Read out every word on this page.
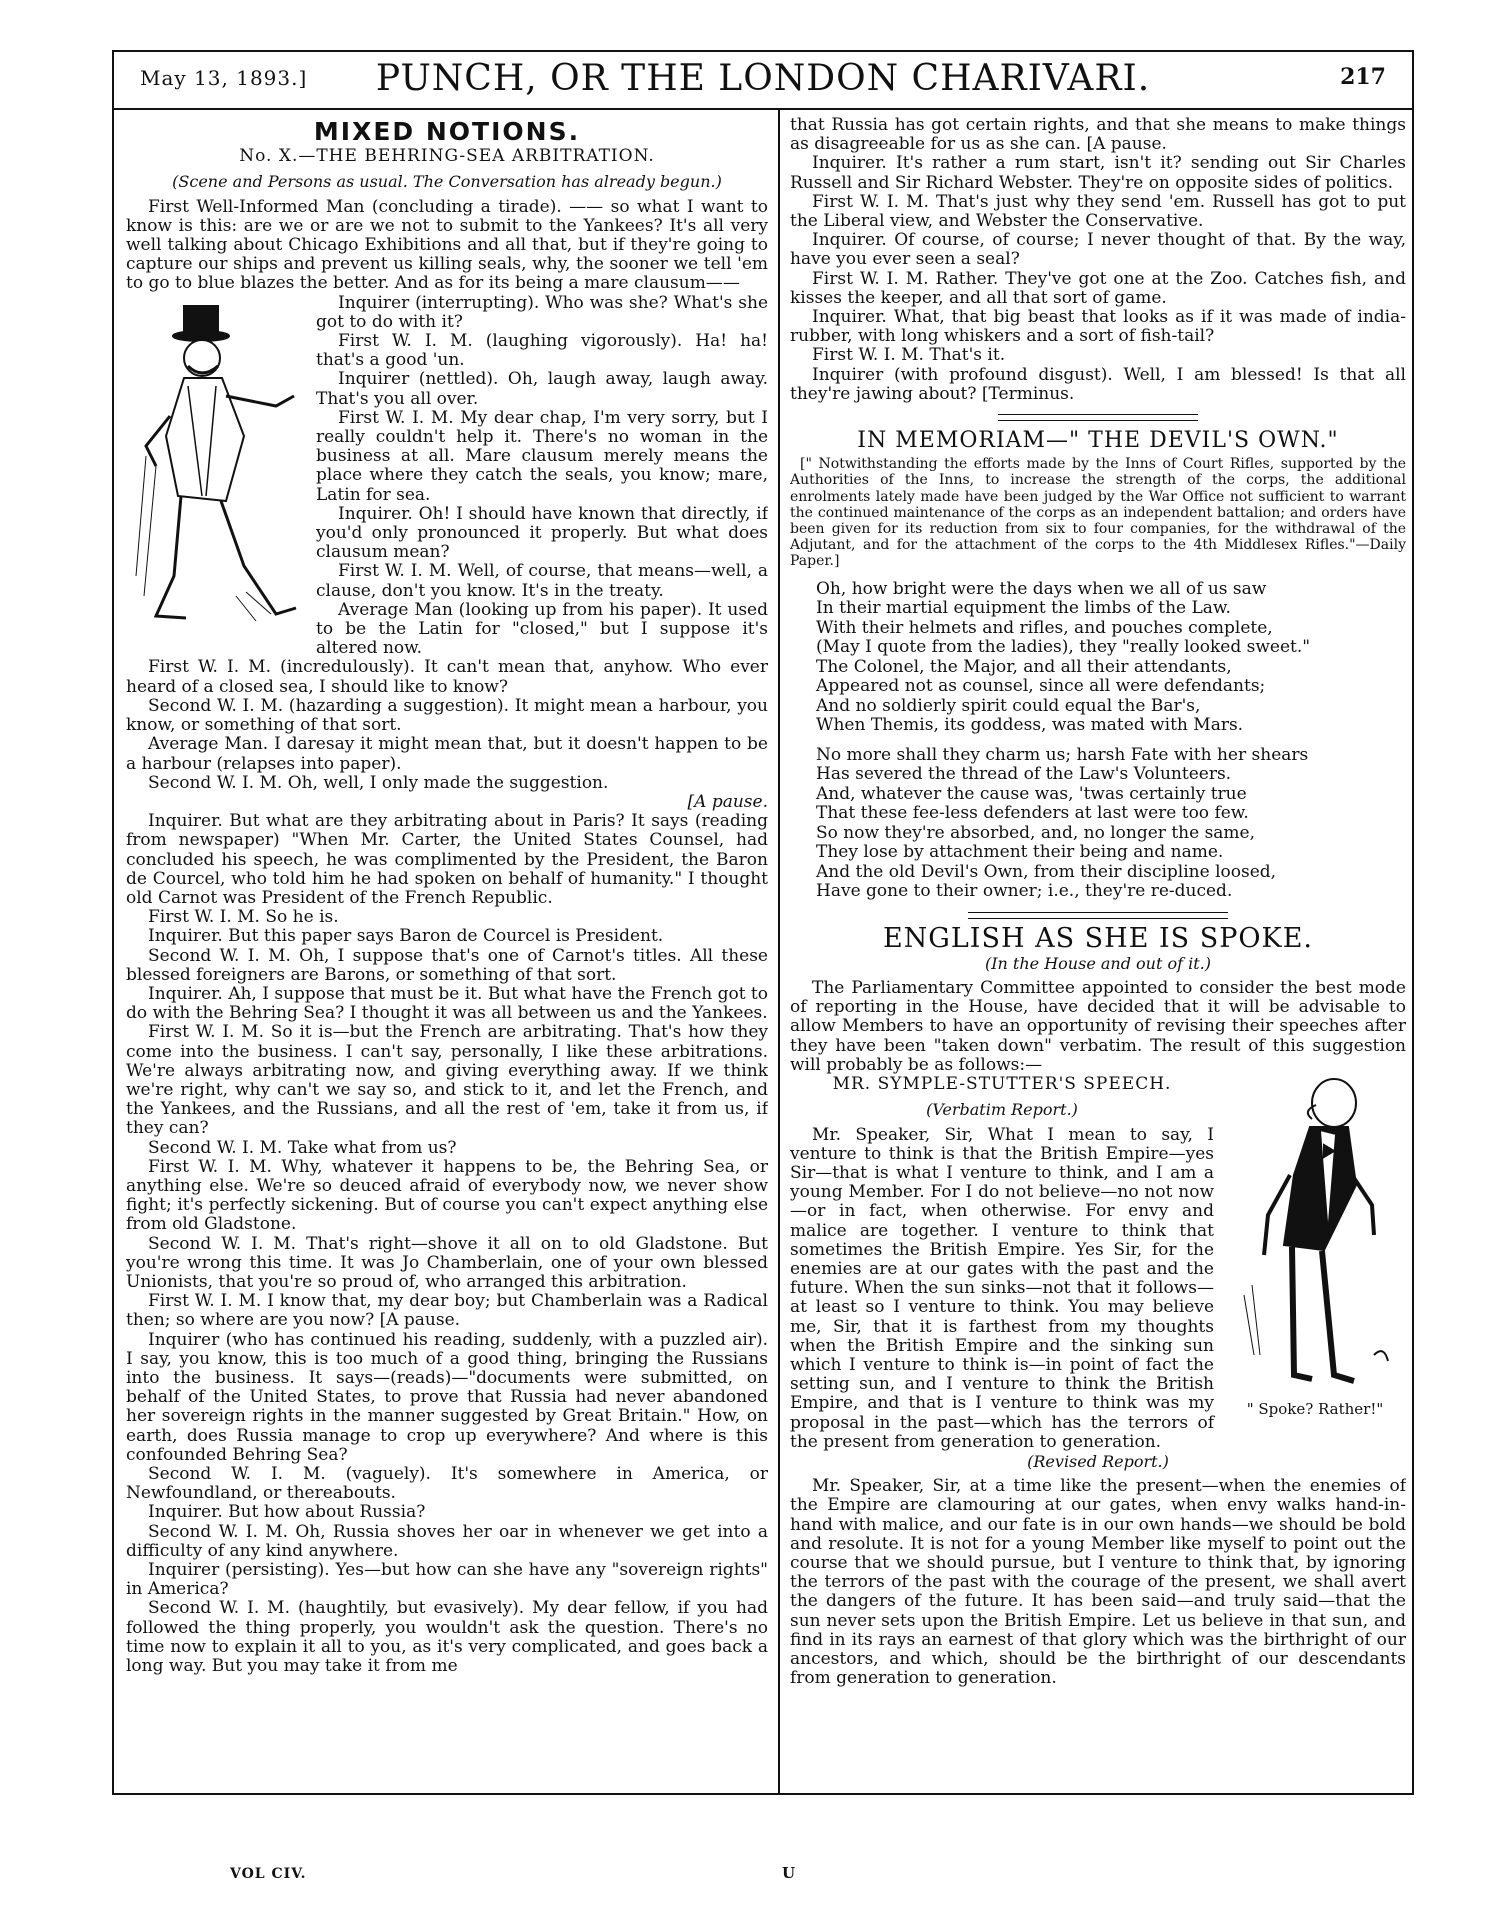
May 13, 1893.]	PUNCH, OR THE LONDON CHARIVARI.	217
MIXED NOTIONS.
No. X.—THE BEHRING-SEA ARBITRATION.
(Scene and Persons as usual. The Conversation has already begun.)

First Well-Informed Man (concluding a tirade). —— so what I want to know is this: are we or are we not to submit to the Yankees? It's all very well talking about Chicago Exhibitions and all that, but if they're going to capture our ships and prevent us killing seals, why, the sooner we tell 'em to go to blue blazes the better. And as for its being a mare clausum——

Inquirer (interrupting). Who was she? What's she got to do with it?

First W. I. M. (laughing vigorously). Ha! ha! that's a good 'un.

Inquirer (nettled). Oh, laugh away, laugh away. That's you all over.

First W. I. M. My dear chap, I'm very sorry, but I really couldn't help it. There's no woman in the business at all. Mare clausum merely means the place where they catch the seals, you know; mare, Latin for sea.

Inquirer. Oh! I should have known that directly, if you'd only pronounced it properly. But what does clausum mean?

First W. I. M. Well, of course, that means—well, a clause, don't you know. It's in the treaty.

Average Man (looking up from his paper). It used to be the Latin for "closed," but I suppose it's altered now.

First W. I. M. (incredulously). It can't mean that, anyhow. Who ever heard of a closed sea, I should like to know?

Second W. I. M. (hazarding a suggestion). It might mean a harbour, you know, or something of that sort.

Average Man. I daresay it might mean that, but it doesn't happen to be a harbour (relapses into paper).

Second W. I. M. Oh, well, I only made the suggestion.

[A pause.

Inquirer. But what are they arbitrating about in Paris? It says (reading from newspaper) "When Mr. Carter, the United States Counsel, had concluded his speech, he was complimented by the President, the Baron de Courcel, who told him he had spoken on behalf of humanity." I thought old Carnot was President of the French Republic.

First W. I. M. So he is.

Inquirer. But this paper says Baron de Courcel is President.

Second W. I. M. Oh, I suppose that's one of Carnot's titles. All these blessed foreigners are Barons, or something of that sort.

Inquirer. Ah, I suppose that must be it. But what have the French got to do with the Behring Sea? I thought it was all between us and the Yankees.

First W. I. M. So it is—but the French are arbitrating. That's how they come into the business. I can't say, personally, I like these arbitrations. We're always arbitrating now, and giving everything away. If we think we're right, why can't we say so, and stick to it, and let the French, and the Yankees, and the Russians, and all the rest of 'em, take it from us, if they can?

Second W. I. M. Take what from us?

First W. I. M. Why, whatever it happens to be, the Behring Sea, or anything else. We're so deuced afraid of everybody now, we never show fight; it's perfectly sickening. But of course you can't expect anything else from old Gladstone.

Second W. I. M. That's right—shove it all on to old Gladstone. But you're wrong this time. It was Jo Chamberlain, one of your own blessed Unionists, that you're so proud of, who arranged this arbitration.

First W. I. M. I know that, my dear boy; but Chamberlain was a Radical then; so where are you now? [A pause.

Inquirer (who has continued his reading, suddenly, with a puzzled air). I say, you know, this is too much of a good thing, bringing the Russians into the business. It says—(reads)—"documents were submitted, on behalf of the United States, to prove that Russia had never abandoned her sovereign rights in the manner suggested by Great Britain." How, on earth, does Russia manage to crop up everywhere? And where is this confounded Behring Sea?

Second W. I. M. (vaguely). It's somewhere in America, or Newfoundland, or thereabouts.

Inquirer. But how about Russia?

Second W. I. M. Oh, Russia shoves her oar in whenever we get into a difficulty of any kind anywhere.

Inquirer (persisting). Yes—but how can she have any "sovereign rights" in America?

Second W. I. M. (haughtily, but evasively). My dear fellow, if you had followed the thing properly, you wouldn't ask the question. There's no time now to explain it all to you, as it's very complicated, and goes back a long way. But you may take it from me

that Russia has got certain rights, and that she means to make things as disagreeable for us as she can. [A pause.

Inquirer. It's rather a rum start, isn't it? sending out Sir Charles Russell and Sir Richard Webster. They're on opposite sides of politics.

First W. I. M. That's just why they send 'em. Russell has got to put the Liberal view, and Webster the Conservative.

Inquirer. Of course, of course; I never thought of that. By the way, have you ever seen a seal?

First W. I. M. Rather. They've got one at the Zoo. Catches fish, and kisses the keeper, and all that sort of game.

Inquirer. What, that big beast that looks as if it was made of india-rubber, with long whiskers and a sort of fish-tail?

First W. I. M. That's it.

Inquirer (with profound disgust). Well, I am blessed! Is that all they're jawing about? [Terminus.

IN MEMORIAM—" THE DEVIL'S OWN."

[" Notwithstanding the efforts made by the Inns of Court Rifles, supported by the Authorities of the Inns, to increase the strength of the corps, the additional enrolments lately made have been judged by the War Office not sufficient to warrant the continued maintenance of the corps as an independent battalion; and orders have been given for its reduction from six to four companies, for the withdrawal of the Adjutant, and for the attachment of the corps to the 4th Middlesex Rifles."—Daily Paper.]

Oh, how bright were the days when we all of us saw
In their martial equipment the limbs of the Law.
With their helmets and rifles, and pouches complete,
(May I quote from the ladies), they "really looked sweet."
The Colonel, the Major, and all their attendants,
Appeared not as counsel, since all were defendants;
And no soldierly spirit could equal the Bar's,
When Themis, its goddess, was mated with Mars.
No more shall they charm us; harsh Fate with her shears
Has severed the thread of the Law's Volunteers.
And, whatever the cause was, 'twas certainly true
That these fee-less defenders at last were too few.
So now they're absorbed, and, no longer the same,
They lose by attachment their being and name.
And the old Devil's Own, from their discipline loosed,
Have gone to their owner; i.e., they're re-duced.
ENGLISH AS SHE IS SPOKE.
(In the House and out of it.)

The Parliamentary Committee appointed to consider the best mode of reporting in the House, have decided that it will be advisable to allow Members to have an opportunity of revising their speeches after they have been "taken down" verbatim. The result of this suggestion will probably be as follows:—

" Spoke? Rather!"
MR. SYMPLE-STUTTER'S SPEECH.
(Verbatim Report.)

Mr. Speaker, Sir, What I mean to say, I venture to think is that the British Empire—yes Sir—that is what I venture to think, and I am a young Member. For I do not believe—no not now—or in fact, when otherwise. For envy and malice are together. I venture to think that sometimes the British Empire. Yes Sir, for the enemies are at our gates with the past and the future. When the sun sinks—not that it follows—at least so I venture to think. You may believe me, Sir, that it is farthest from my thoughts when the British Empire and the sinking sun which I venture to think is—in point of fact the setting sun, and I venture to think the British Empire, and that is I venture to think was my proposal in the past—which has the terrors of the present from generation to generation.

(Revised Report.)

Mr. Speaker, Sir, at a time like the present—when the enemies of the Empire are clamouring at our gates, when envy walks hand-in-hand with malice, and our fate is in our own hands—we should be bold and resolute. It is not for a young Member like myself to point out the course that we should pursue, but I venture to think that, by ignoring the terrors of the past with the courage of the present, we shall avert the dangers of the future. It has been said—and truly said—that the sun never sets upon the British Empire. Let us believe in that sun, and find in its rays an earnest of that glory which was the birthright of our ancestors, and which, should be the birthright of our descendants from generation to generation.

VOL CIV.	U
